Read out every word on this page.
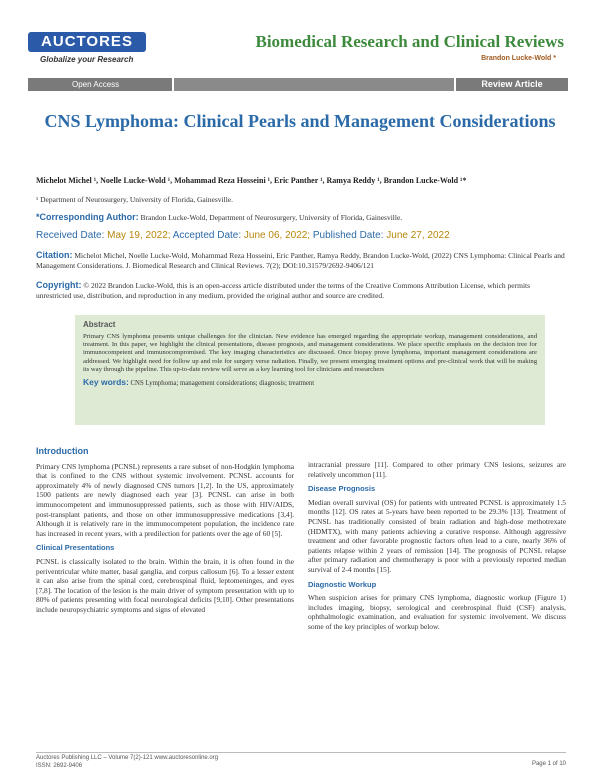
AUCTORES
Globalize your Research
Biomedical Research and Clinical Reviews
Brandon Lucke-Wold *
Open Access	Review Article
CNS Lymphoma: Clinical Pearls and Management Considerations
Michelot Michel ¹, Noelle Lucke-Wold ¹, Mohammad Reza Hosseini ¹, Eric Panther ¹, Ramya Reddy ¹, Brandon Lucke-Wold ¹*
¹ Department of Neurosurgery, University of Florida, Gainesville.
*Corresponding Author: Brandon Lucke-Wold, Department of Neurosurgery, University of Florida, Gainesville.
Received Date: May 19, 2022; Accepted Date: June 06, 2022; Published Date: June 27, 2022
Citation: Michelot Michel, Noelle Lucke-Wold, Mohammad Reza Hosseini, Eric Panther, Ramya Reddy, Brandon Lucke-Wold, (2022) CNS Lymphoma: Clinical Pearls and Management Considerations. J. Biomedical Research and Clinical Reviews. 7(2); DOI:10.31579/2692-9406/121
Copyright: © 2022 Brandon Lucke-Wold, this is an open-access article distributed under the terms of the Creative Commons Attribution License, which permits unrestricted use, distribution, and reproduction in any medium, provided the original author and source are credited.
Abstract
Primary CNS lymphoma presents unique challenges for the clinician. New evidence has emerged regarding the appropriate workup, management considerations, and treatment. In this paper, we highlight the clinical presentations, disease prognosis, and management considerations. We place specific emphasis on the decision tree for immunocompetent and immunocompromised. The key imaging characteristics are discussed. Once biopsy prove lymphoma, important management considerations are addressed. We highlight need for follow up and role for surgery verse radiation. Finally, we present emerging treatment options and pre-clinical work that will be making its way through the pipeline. This up-to-date review will serve as a key learning tool for clinicians and researchers
Key words: CNS Lymphoma; management considerations; diagnosis; treatment
Introduction
Primary CNS lymphoma (PCNSL) represents a rare subset of non-Hodgkin lymphoma that is confined to the CNS without systemic involvement. PCNSL accounts for approximately 4% of newly diagnosed CNS tumors [1,2]. In the US, approximately 1500 patients are newly diagnosed each year [3]. PCNSL can arise in both immunocompetent and immunosuppressed patients, such as those with HIV/AIDS, post-transplant patients, and those on other immunosuppressive medications [3,4]. Although it is relatively rare in the immunocompetent population, the incidence rate has increased in recent years, with a predilection for patients over the age of 60 [5].
Clinical Presentations
PCNSL is classically isolated to the brain. Within the brain, it is often found in the periventricular white matter, basal ganglia, and corpus callosum [6]. To a lesser extent it can also arise from the spinal cord, cerebrospinal fluid, leptomeninges, and eyes [7,8]. The location of the lesion is the main driver of symptom presentation with up to 80% of patients presenting with focal neurological deficits [9,10]. Other presentations include neuropsychiatric symptoms and signs of elevated
intracranial pressure [11]. Compared to other primary CNS lesions, seizures are relatively uncommon [11].
Disease Prognosis
Median overall survival (OS) for patients with untreated PCNSL is approximately 1.5 months [12]. OS rates at 5-years have been reported to be 29.3% [13]. Treatment of PCNSL has traditionally consisted of brain radiation and high-dose methotrexate (HDMTX), with many patients achieving a curative response. Although aggressive treatment and other favorable prognostic factors often lead to a cure, nearly 36% of patients relapse within 2 years of remission [14]. The prognosis of PCNSL relapse after primary radiation and chemotherapy is poor with a previously reported median survival of 2-4 months [15].
Diagnostic Workup
When suspicion arises for primary CNS lymphoma, diagnostic workup (Figure 1) includes imaging, biopsy, serological and cerebrospinal fluid (CSF) analysis, ophthalmologic examination, and evaluation for systemic involvement. We discuss some of the key principles of workup below.
Auctores Publishing LLC – Volume 7(2)-121 www.auctoresonline.org
ISSN: 2692-9406	Page 1 of 10
